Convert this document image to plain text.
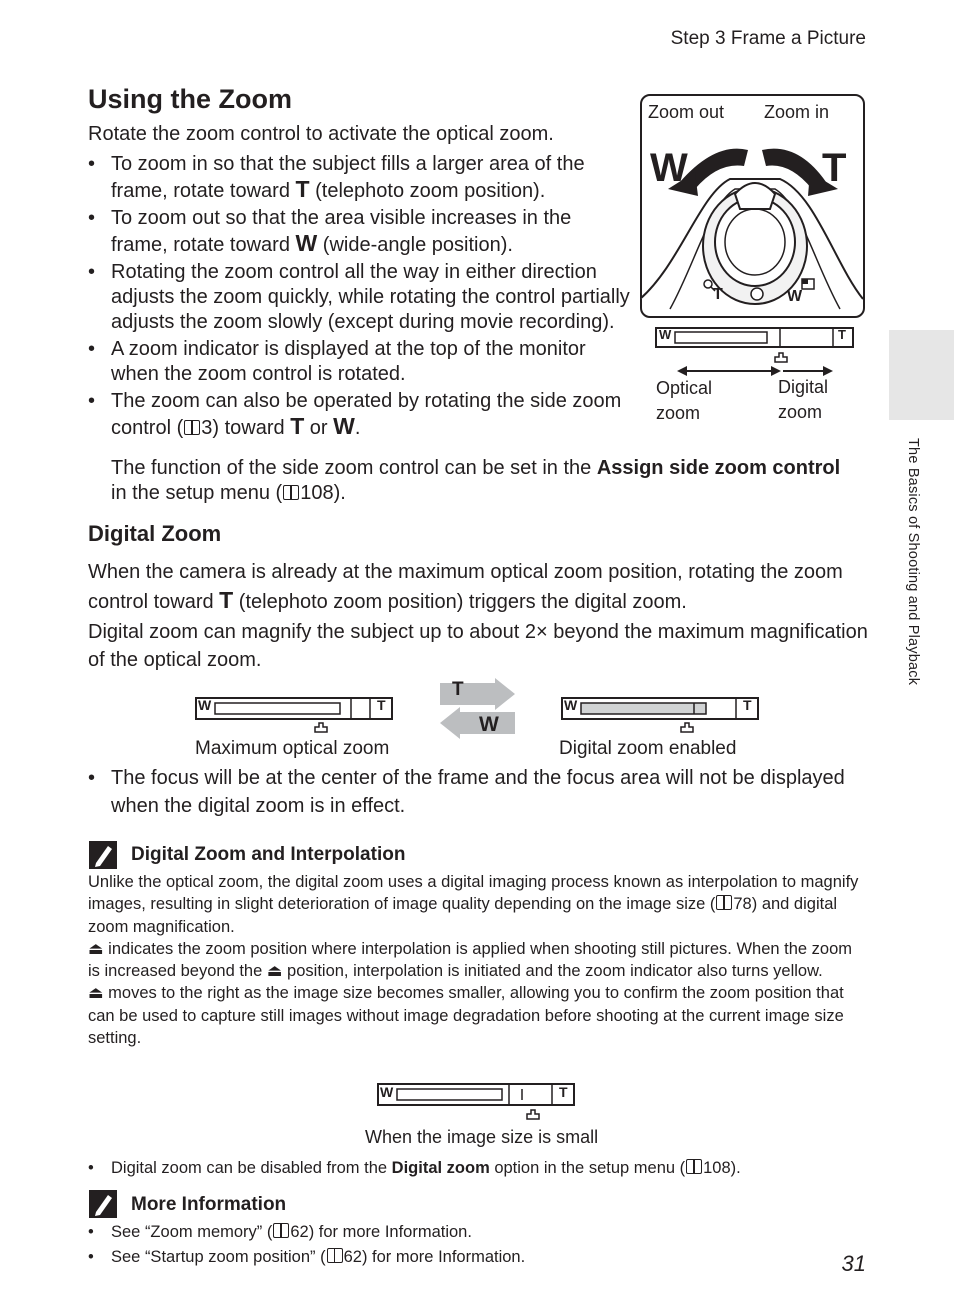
Step 3 Frame a Picture
The Basics of Shooting and Playback
Using the Zoom
Rotate the zoom control to activate the optical zoom.
• To zoom in so that the subject fills a larger area of the frame, rotate toward T (telephoto zoom position).
• To zoom out so that the area visible increases in the frame, rotate toward W (wide-angle position).
• Rotating the zoom control all the way in either direction adjusts the zoom quickly, while rotating the control partially adjusts the zoom slowly (except during movie recording).
• A zoom indicator is displayed at the top of the monitor when the zoom control is rotated.
• The zoom can also be operated by rotating the side zoom control ( 3) toward T or W.
The function of the side zoom control can be set in the Assign side zoom control in the setup menu ( 108).
Zoom out Zoom in
W	T
T	W
W	T
Optical
zoom
Digital
zoom
Digital Zoom
When the camera is already at the maximum optical zoom position, rotating the zoom control toward T (telephoto zoom position) triggers the digital zoom.
Digital zoom can magnify the subject up to about 2× beyond the maximum magnification of the optical zoom.
W	T	W	T
T
W
Maximum optical zoom	Digital zoom enabled
• The focus will be at the center of the frame and the focus area will not be displayed when the digital zoom is in effect.
Digital Zoom and Interpolation

Unlike the optical zoom, the digital zoom uses a digital imaging process known as interpolation to magnify images, resulting in slight deterioration of image quality depending on the image size ( 78) and digital zoom magnification.

⏏ indicates the zoom position where interpolation is applied when shooting still pictures. When the zoom is increased beyond the ⏏ position, interpolation is initiated and the zoom indicator also turns yellow.

⏏ moves to the right as the image size becomes smaller, allowing you to confirm the zoom position that can be used to capture still images without image degradation before shooting at the current image size setting.

W	T
When the image size is small
• Digital zoom can be disabled from the Digital zoom option in the setup menu ( 108).
More Information
• See “Zoom memory” ( 62) for more Information.
• See “Startup zoom position” ( 62) for more Information.	31
